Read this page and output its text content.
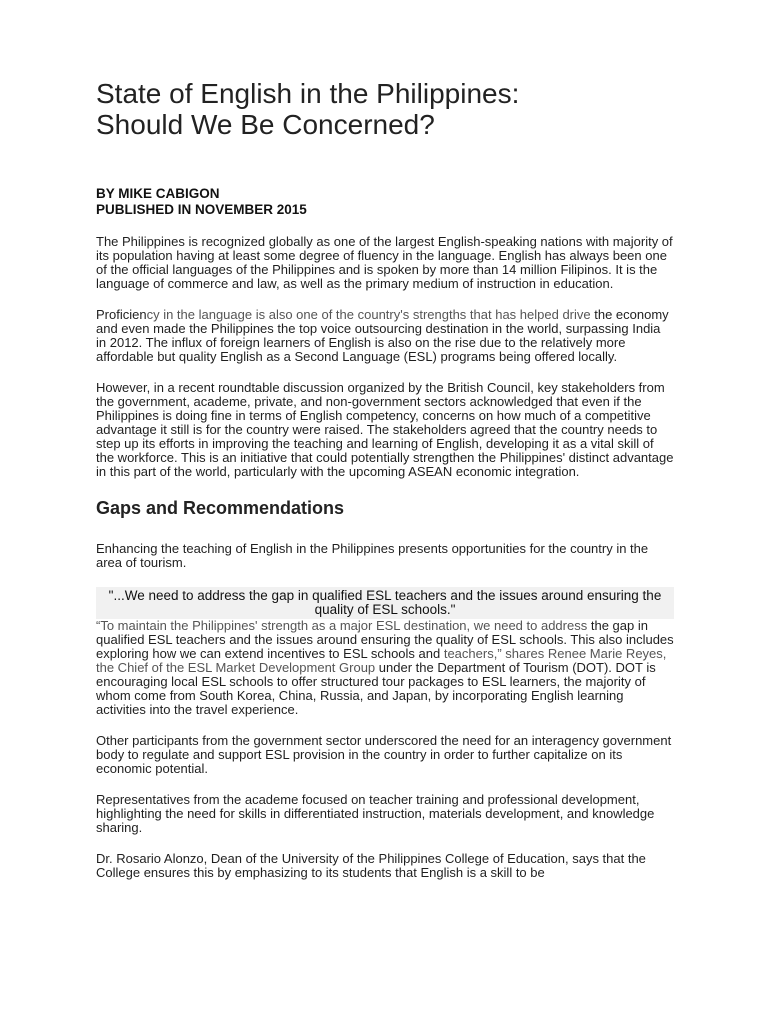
State of English in the Philippines:
Should We Be Concerned?
BY MIKE CABIGON
PUBLISHED IN NOVEMBER 2015

The Philippines is recognized globally as one of the largest English-speaking nations with majority of its population having at least some degree of fluency in the language. English has always been one of the official languages of the Philippines and is spoken by more than 14 million Filipinos. It is the language of commerce and law, as well as the primary medium of instruction in education.

Proficiency in the language is also one of the country's strengths that has helped drive the economy and even made the Philippines the top voice outsourcing destination in the world, surpassing India in 2012. The influx of foreign learners of English is also on the rise due to the relatively more affordable but quality English as a Second Language (ESL) programs being offered locally.

However, in a recent roundtable discussion organized by the British Council, key stakeholders from the government, academe, private, and non-government sectors acknowledged that even if the Philippines is doing fine in terms of English competency, concerns on how much of a competitive advantage it still is for the country were raised. The stakeholders agreed that the country needs to step up its efforts in improving the teaching and learning of English, developing it as a vital skill of the workforce. This is an initiative that could potentially strengthen the Philippines' distinct advantage in this part of the world, particularly with the upcoming ASEAN economic integration.

Gaps and Recommendations

Enhancing the teaching of English in the Philippines presents opportunities for the country in the area of tourism.

"...We need to address the gap in qualified ESL teachers and the issues around ensuring the quality of ESL schools."

“To maintain the Philippines' strength as a major ESL destination, we need to address the gap in qualified ESL teachers and the issues around ensuring the quality of ESL schools. This also includes exploring how we can extend incentives to ESL schools and teachers,” shares Renee Marie Reyes, the Chief of the ESL Market Development Group under the Department of Tourism (DOT). DOT is encouraging local ESL schools to offer structured tour packages to ESL learners, the majority of whom come from South Korea, China, Russia, and Japan, by incorporating English learning activities into the travel experience.

Other participants from the government sector underscored the need for an interagency government body to regulate and support ESL provision in the country in order to further capitalize on its economic potential.

Representatives from the academe focused on teacher training and professional development, highlighting the need for skills in differentiated instruction, materials development, and knowledge sharing.

Dr. Rosario Alonzo, Dean of the University of the Philippines College of Education, says that the College ensures this by emphasizing to its students that English is a skill to be
